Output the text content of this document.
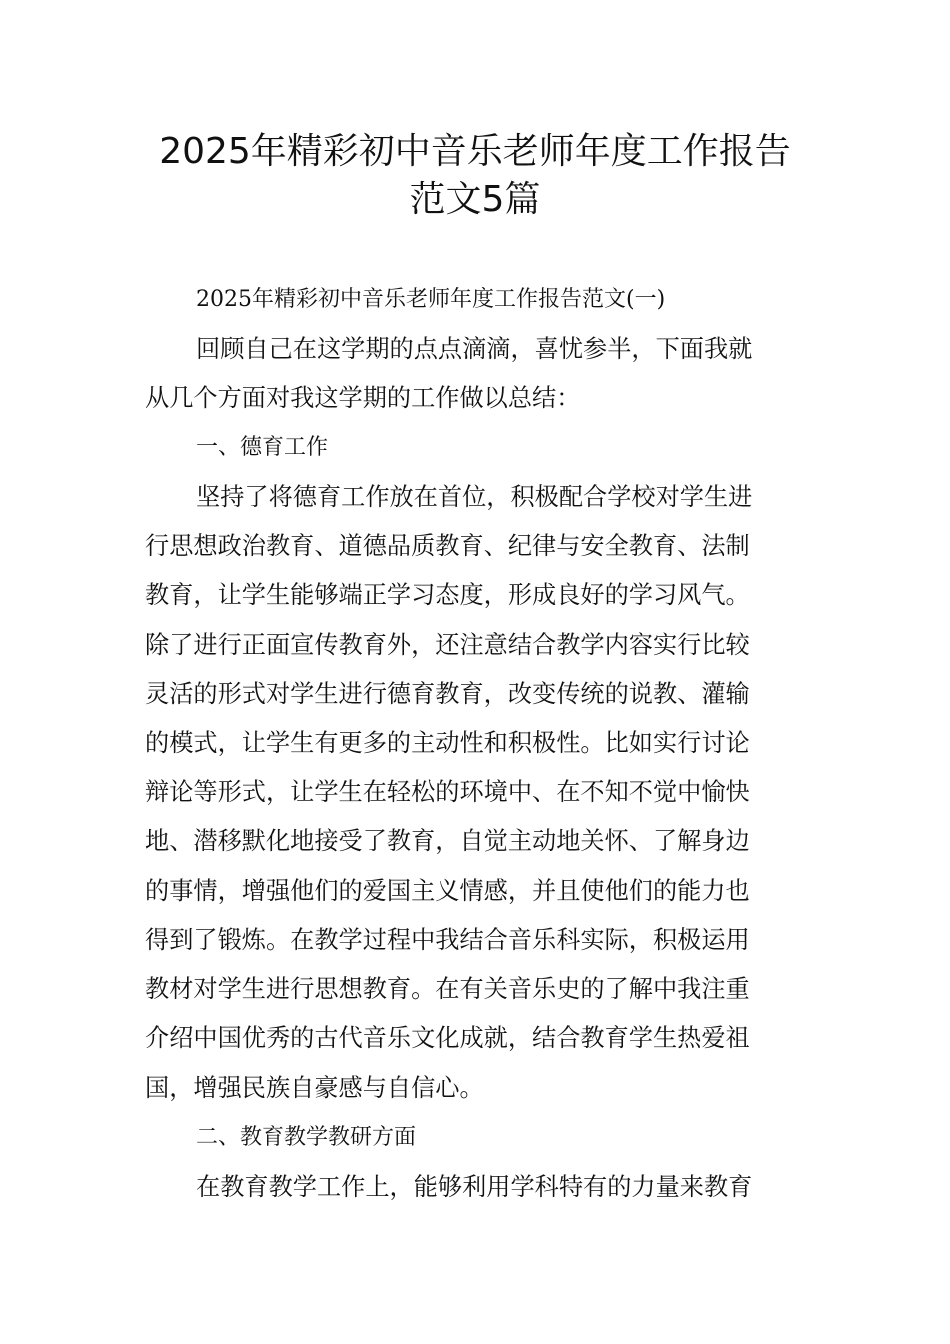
2025年精彩初中音乐老师年度工作报告
范文5篇

2025年精彩初中音乐老师年度工作报告范文(一)

回顾自己在这学期的点点滴滴，喜忧参半，下面我就

从几个方面对我这学期的工作做以总结：

一、德育工作

坚持了将德育工作放在首位，积极配合学校对学生进

行思想政治教育、道德品质教育、纪律与安全教育、法制

教育，让学生能够端正学习态度，形成良好的学习风气。

除了进行正面宣传教育外，还注意结合教学内容实行比较

灵活的形式对学生进行德育教育，改变传统的说教、灌输

的模式，让学生有更多的主动性和积极性。比如实行讨论

辩论等形式，让学生在轻松的环境中、在不知不觉中愉快

地、潜移默化地接受了教育，自觉主动地关怀、了解身边

的事情，增强他们的爱国主义情感，并且使他们的能力也

得到了锻炼。在教学过程中我结合音乐科实际，积极运用

教材对学生进行思想教育。在有关音乐史的了解中我注重

介绍中国优秀的古代音乐文化成就，结合教育学生热爱祖

国，增强民族自豪感与自信心。

二、教育教学教研方面

在教育教学工作上，能够利用学科特有的力量来教育
